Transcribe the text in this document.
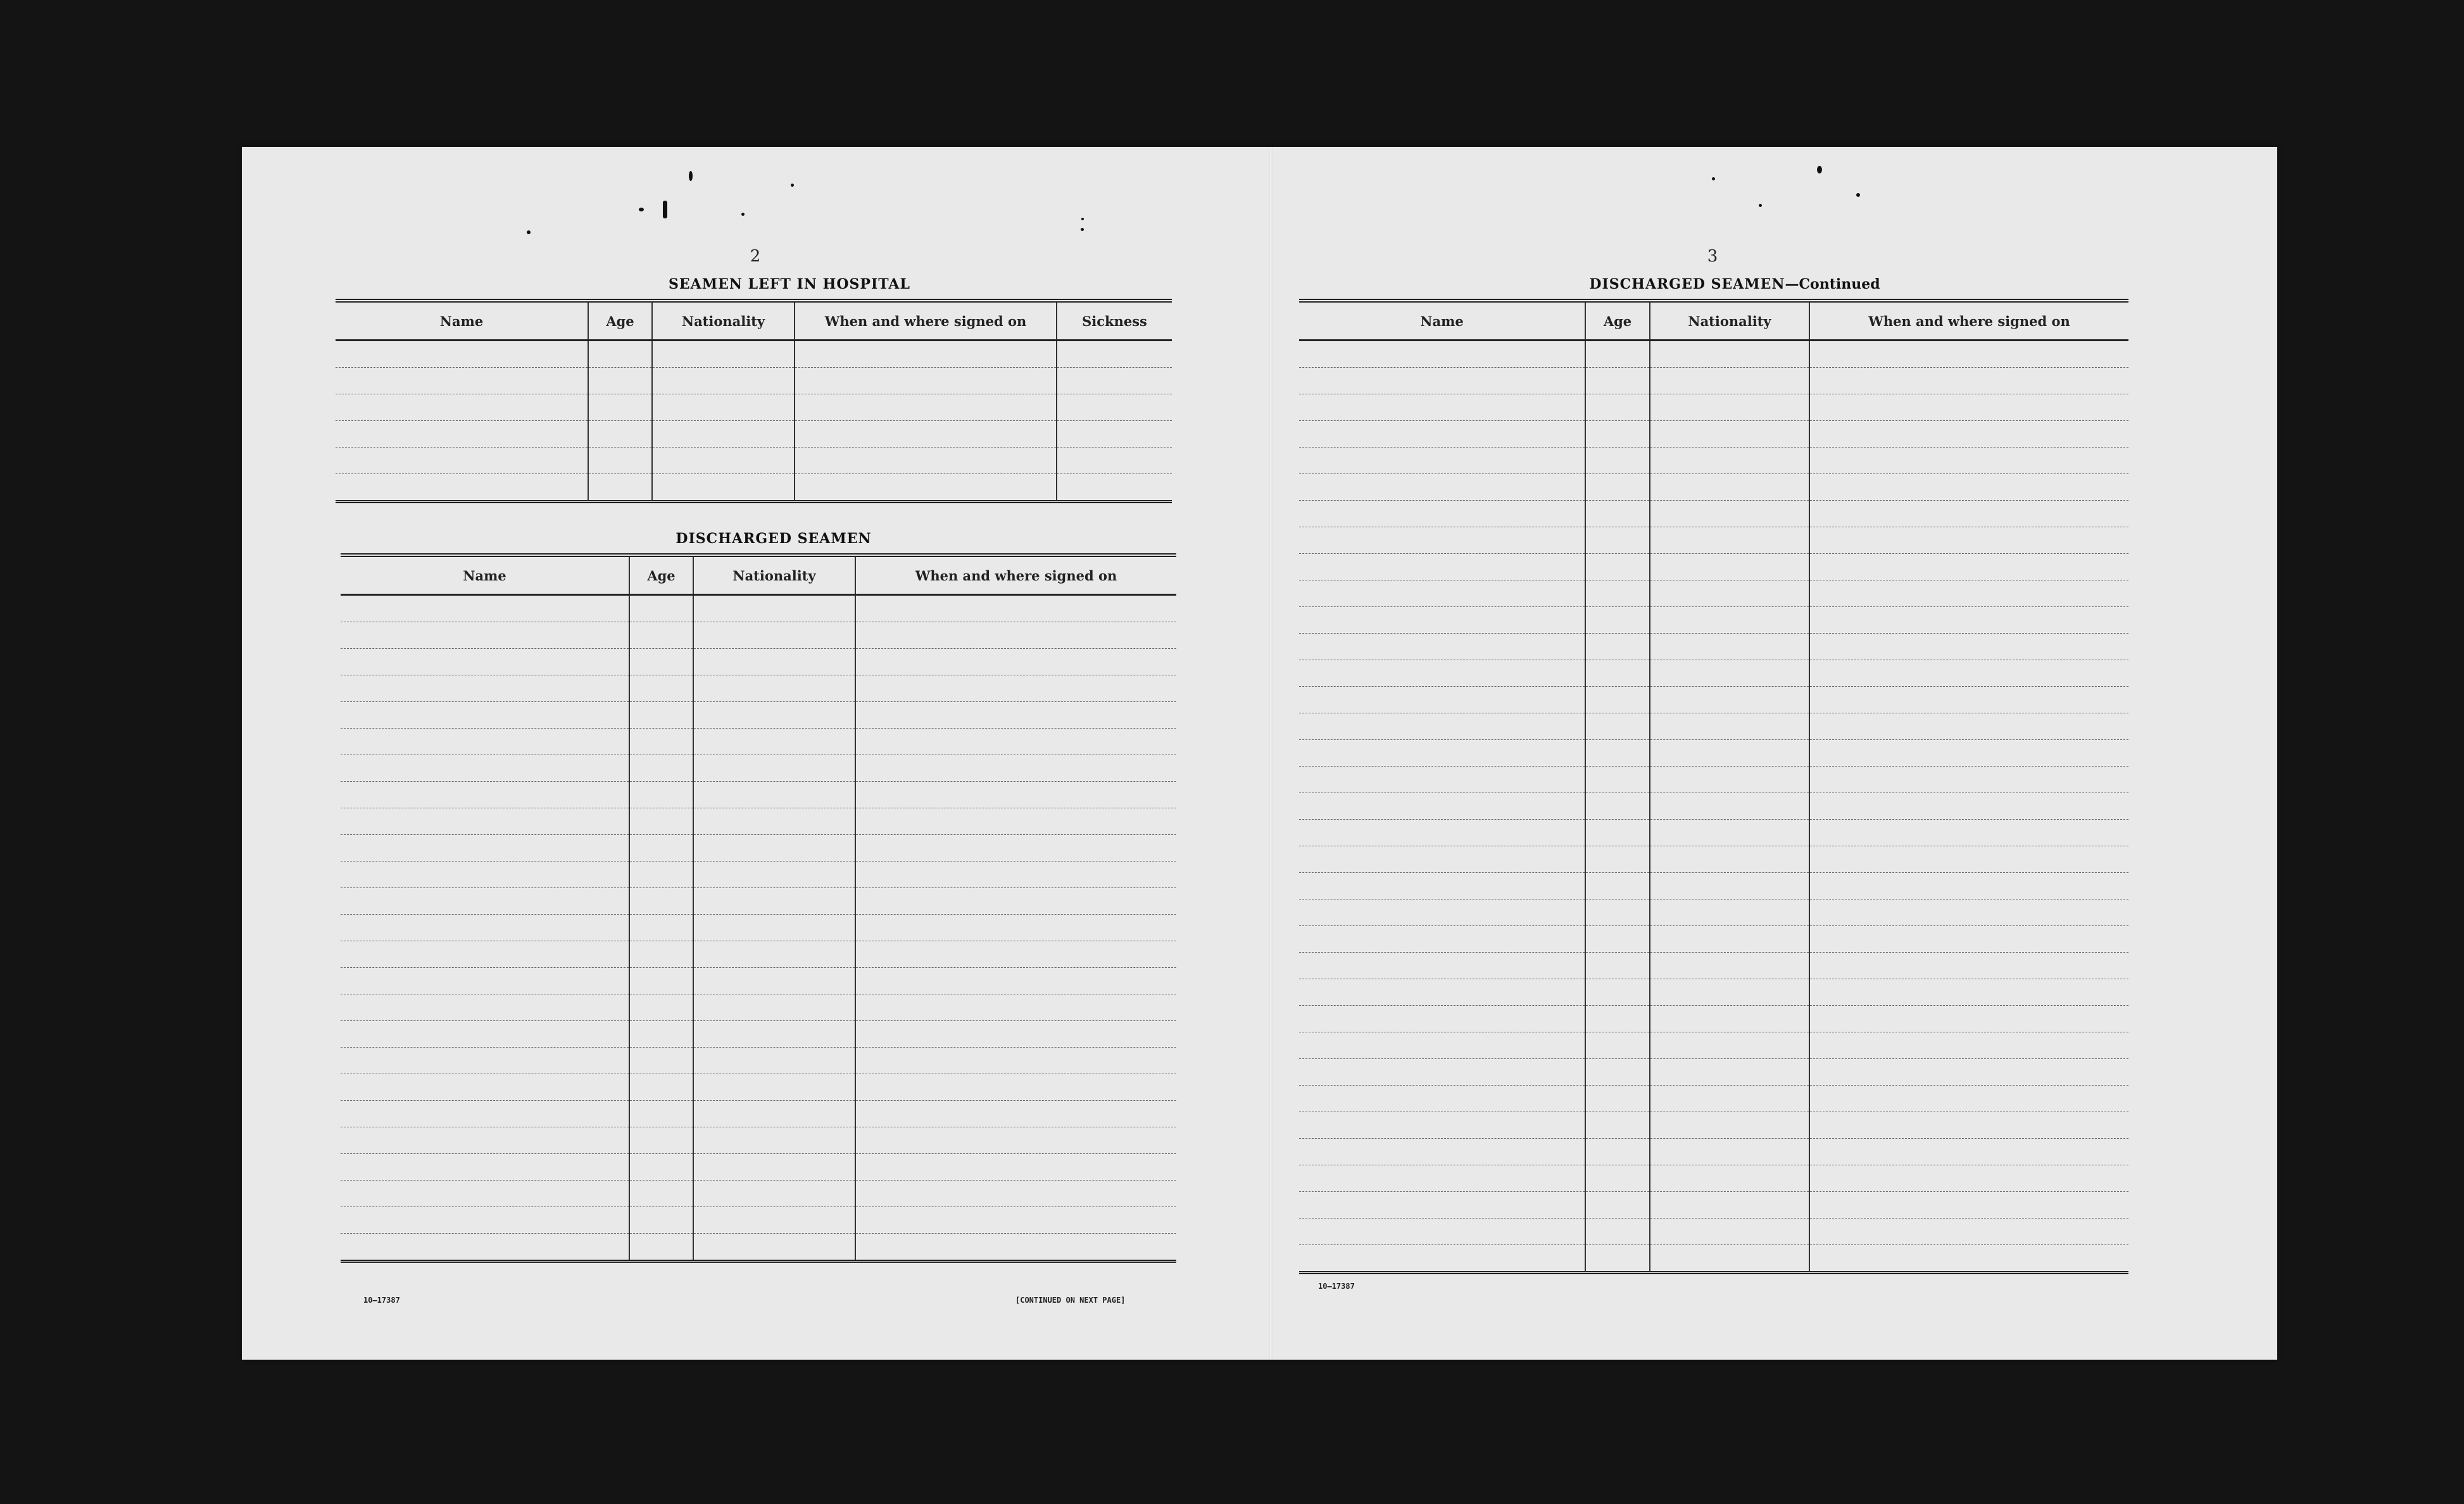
2
SEAMEN LEFT IN HOSPITAL
Name	Age	Nationality	When and where signed on	Sickness

DISCHARGED SEAMEN
Name	Age	Nationality	When and where signed on

10—17387	[CONTINUED ON NEXT PAGE]
3
DISCHARGED SEAMEN—Continued
Name	Age	Nationality	When and where signed on

10—17387
